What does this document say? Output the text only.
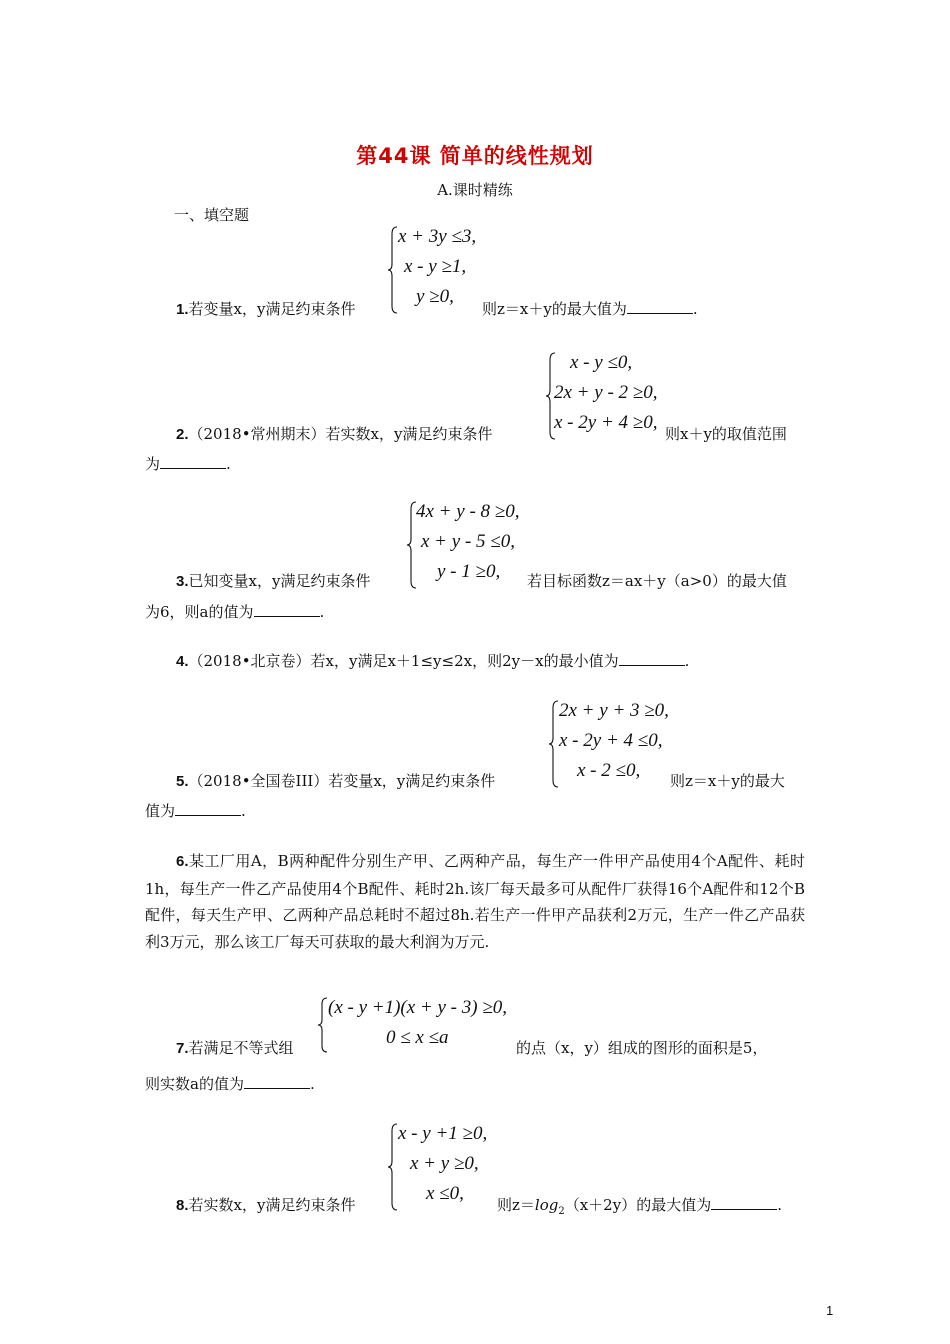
第44课 简单的线性规划
A.课时精练
一、填空题
x + 3y ≤3,
x - y ≥1,
y ≥0,
1.若变量x，y满足约束条件	则z＝x＋y的最大值为	.
x - y ≤0,
2x + y - 2 ≥0,
x - 2y + 4 ≥0,
2.（2018•常州期末）若实数x，y满足约束条件	则x＋y的取值范围
为	.
4x + y - 8 ≥0,
x + y - 5 ≤0,
y - 1 ≥0,
3.已知变量x，y满足约束条件	若目标函数z＝ax＋y（a>0）的最大值
为6，则a的值为	.
4.（2018•北京卷）若x，y满足x＋1≤y≤2x，则2y－x的最小值为	.
2x + y + 3 ≥0,
x - 2y + 4 ≤0,
x - 2 ≤0,
5.（2018•全国卷III）若变量x，y满足约束条件	则z＝x＋y的最大
值为	.
6.某工厂用A，B两种配件分别生产甲、乙两种产品，每生产一件甲产品使用4个A配件、耗时1h，每生产一件乙产品使用4个B配件、耗时2h.该厂每天最多可从配件厂获得16个A配件和12个B配件，每天生产甲、乙两种产品总耗时不超过8h.若生产一件甲产品获利2万元，生产一件乙产品获利3万元，那么该工厂每天可获取的最大利润为万元.
(x - y +1)(x + y - 3) ≥0,
0 ≤ x ≤a
7.若满足不等式组	的点（x，y）组成的图形的面积是5，
则实数a的值为	.
x - y +1 ≥0,
x + y ≥0,
x ≤0,
8.若实数x，y满足约束条件	则$z=\log_2(x+2y)$的最大值为	.
1
